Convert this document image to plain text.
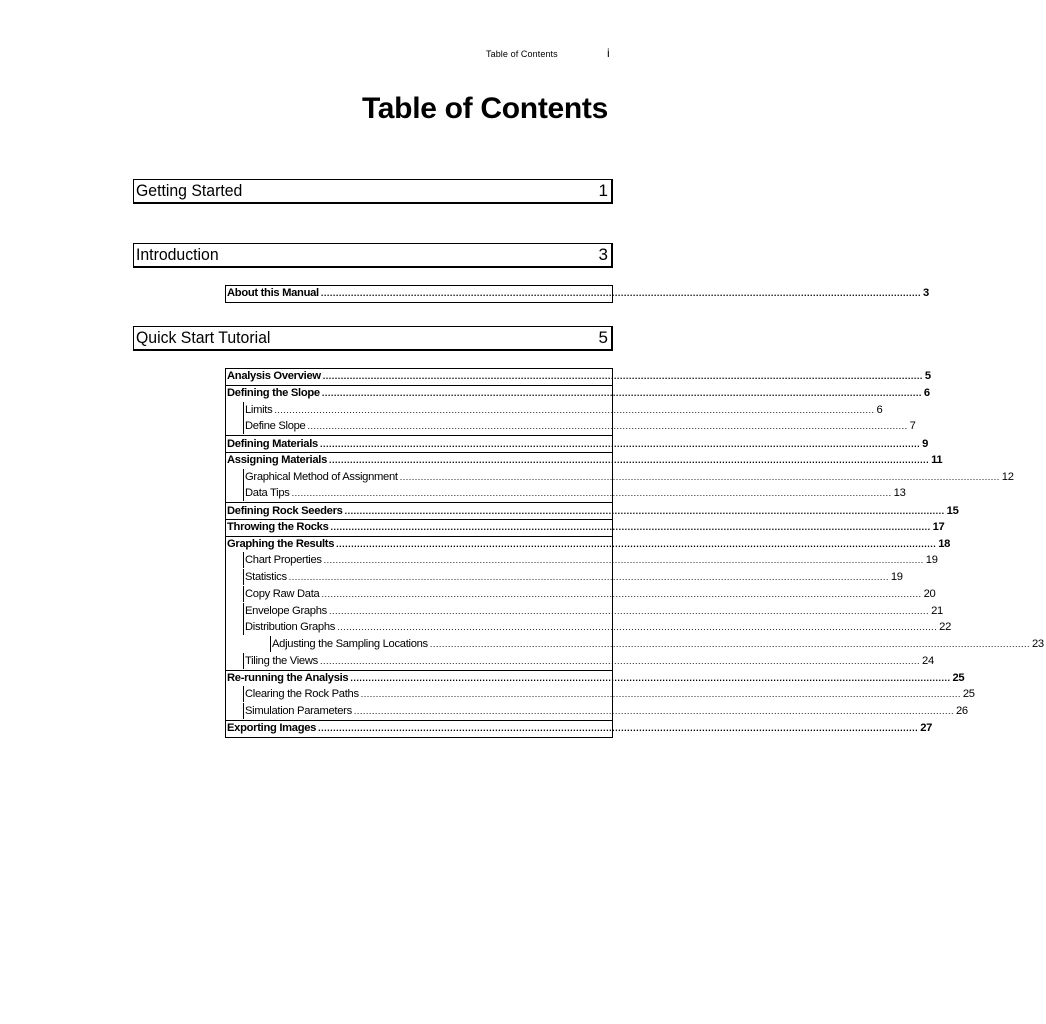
Table of Contents	i
Table of Contents
Getting Started	1
Introduction	3
Quick Start Tutorial	5
About this Manual ........................................................................................................................................................................................................ 3
Analysis Overview ........................................................................................................................................................................................................ 5
Defining the Slope ........................................................................................................................................................................................................ 6
Limits ........................................................................................................................................................................................................ 6
Define Slope ........................................................................................................................................................................................................ 7
Defining Materials ........................................................................................................................................................................................................ 9
Assigning Materials ........................................................................................................................................................................................................ 11
Graphical Method of Assignment ........................................................................................................................................................................................................ 12
Data Tips ........................................................................................................................................................................................................ 13
Defining Rock Seeders ........................................................................................................................................................................................................ 15
Throwing the Rocks ........................................................................................................................................................................................................ 17
Graphing the Results ........................................................................................................................................................................................................ 18
Chart Properties ........................................................................................................................................................................................................ 19
Statistics ........................................................................................................................................................................................................ 19
Copy Raw Data ........................................................................................................................................................................................................ 20
Envelope Graphs ........................................................................................................................................................................................................ 21
Distribution Graphs ........................................................................................................................................................................................................ 22
Adjusting the Sampling Locations ........................................................................................................................................................................................................ 23
Tiling the Views ........................................................................................................................................................................................................ 24
Re-running the Analysis ........................................................................................................................................................................................................ 25
Clearing the Rock Paths ........................................................................................................................................................................................................ 25
Simulation Parameters ........................................................................................................................................................................................................ 26
Exporting Images ........................................................................................................................................................................................................ 27
